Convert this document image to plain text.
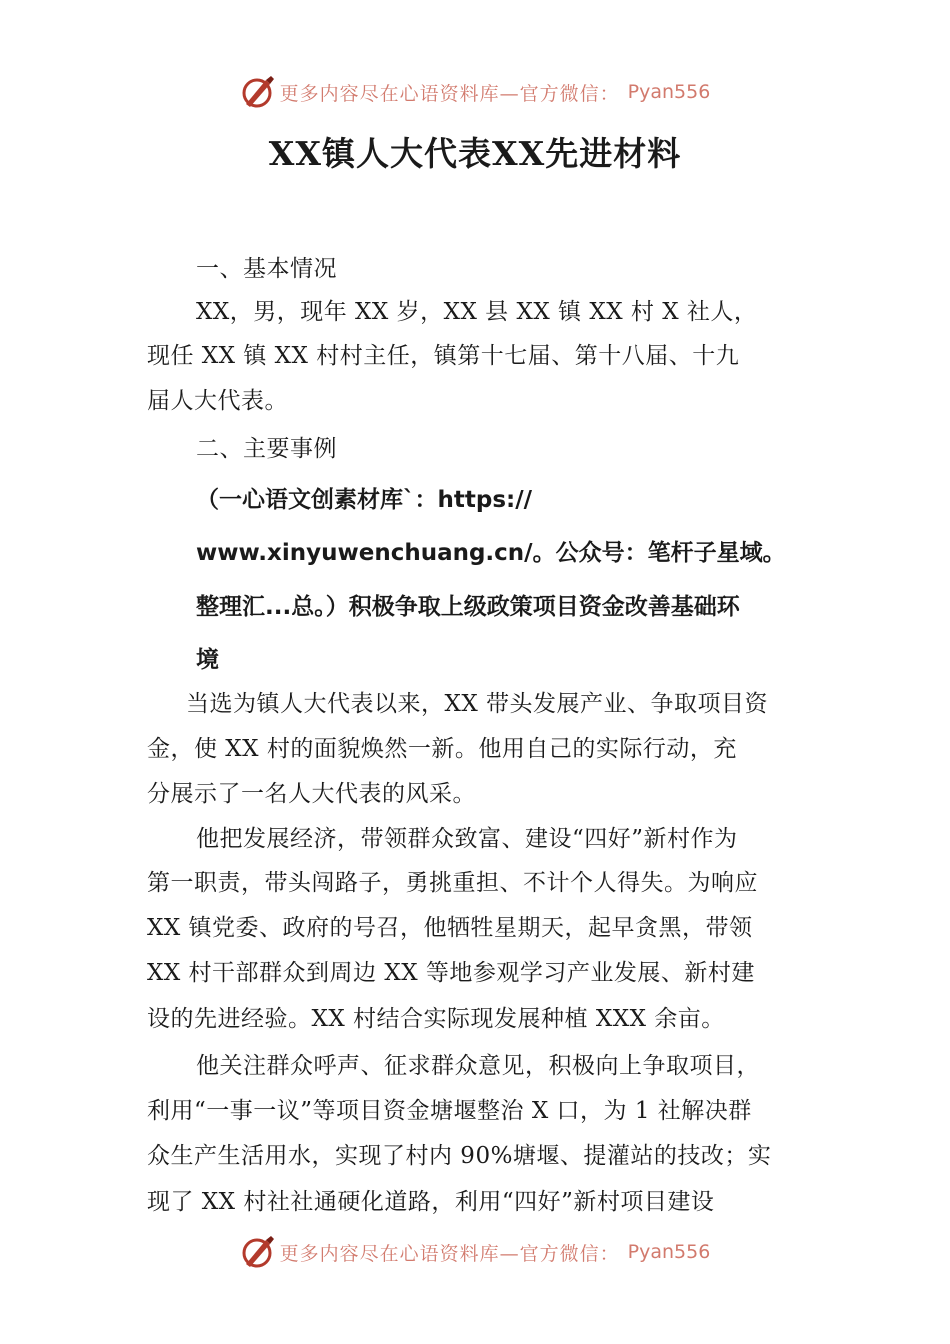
更多内容尽在心语资料库—官方微信： Pyan556
XX镇人大代表XX先进材料
一、基本情况
XX，男，现年 XX 岁，XX 县 XX 镇 XX 村 X 社人，
现任 XX 镇 XX 村村主任，镇第十七届、第十八届、十九
届人大代表。
二、主要事例
（一心语文创素材库`：https://
www.xinyuwenchuang.cn/。公众号：笔杆子星域。
整理汇...总。）积极争取上级政策项目资金改善基础环
境
当选为镇人大代表以来，XX 带头发展产业、争取项目资
金，使 XX 村的面貌焕然一新。他用自己的实际行动，充
分展示了一名人大代表的风采。
他把发展经济，带领群众致富、建设“四好”新村作为
第一职责，带头闯路子，勇挑重担、不计个人得失。为响应
XX 镇党委、政府的号召，他牺牲星期天，起早贪黑，带领
XX 村干部群众到周边 XX 等地参观学习产业发展、新村建
设的先进经验。XX 村结合实际现发展种植 XXX 余亩。
他关注群众呼声、征求群众意见，积极向上争取项目，
利用“一事一议”等项目资金塘堰整治 X 口，为 1 社解决群
众生产生活用水，实现了村内 90%塘堰、提灌站的技改；实
现了 XX 村社社通硬化道路，利用“四好”新村项目建设
更多内容尽在心语资料库—官方微信： Pyan556
